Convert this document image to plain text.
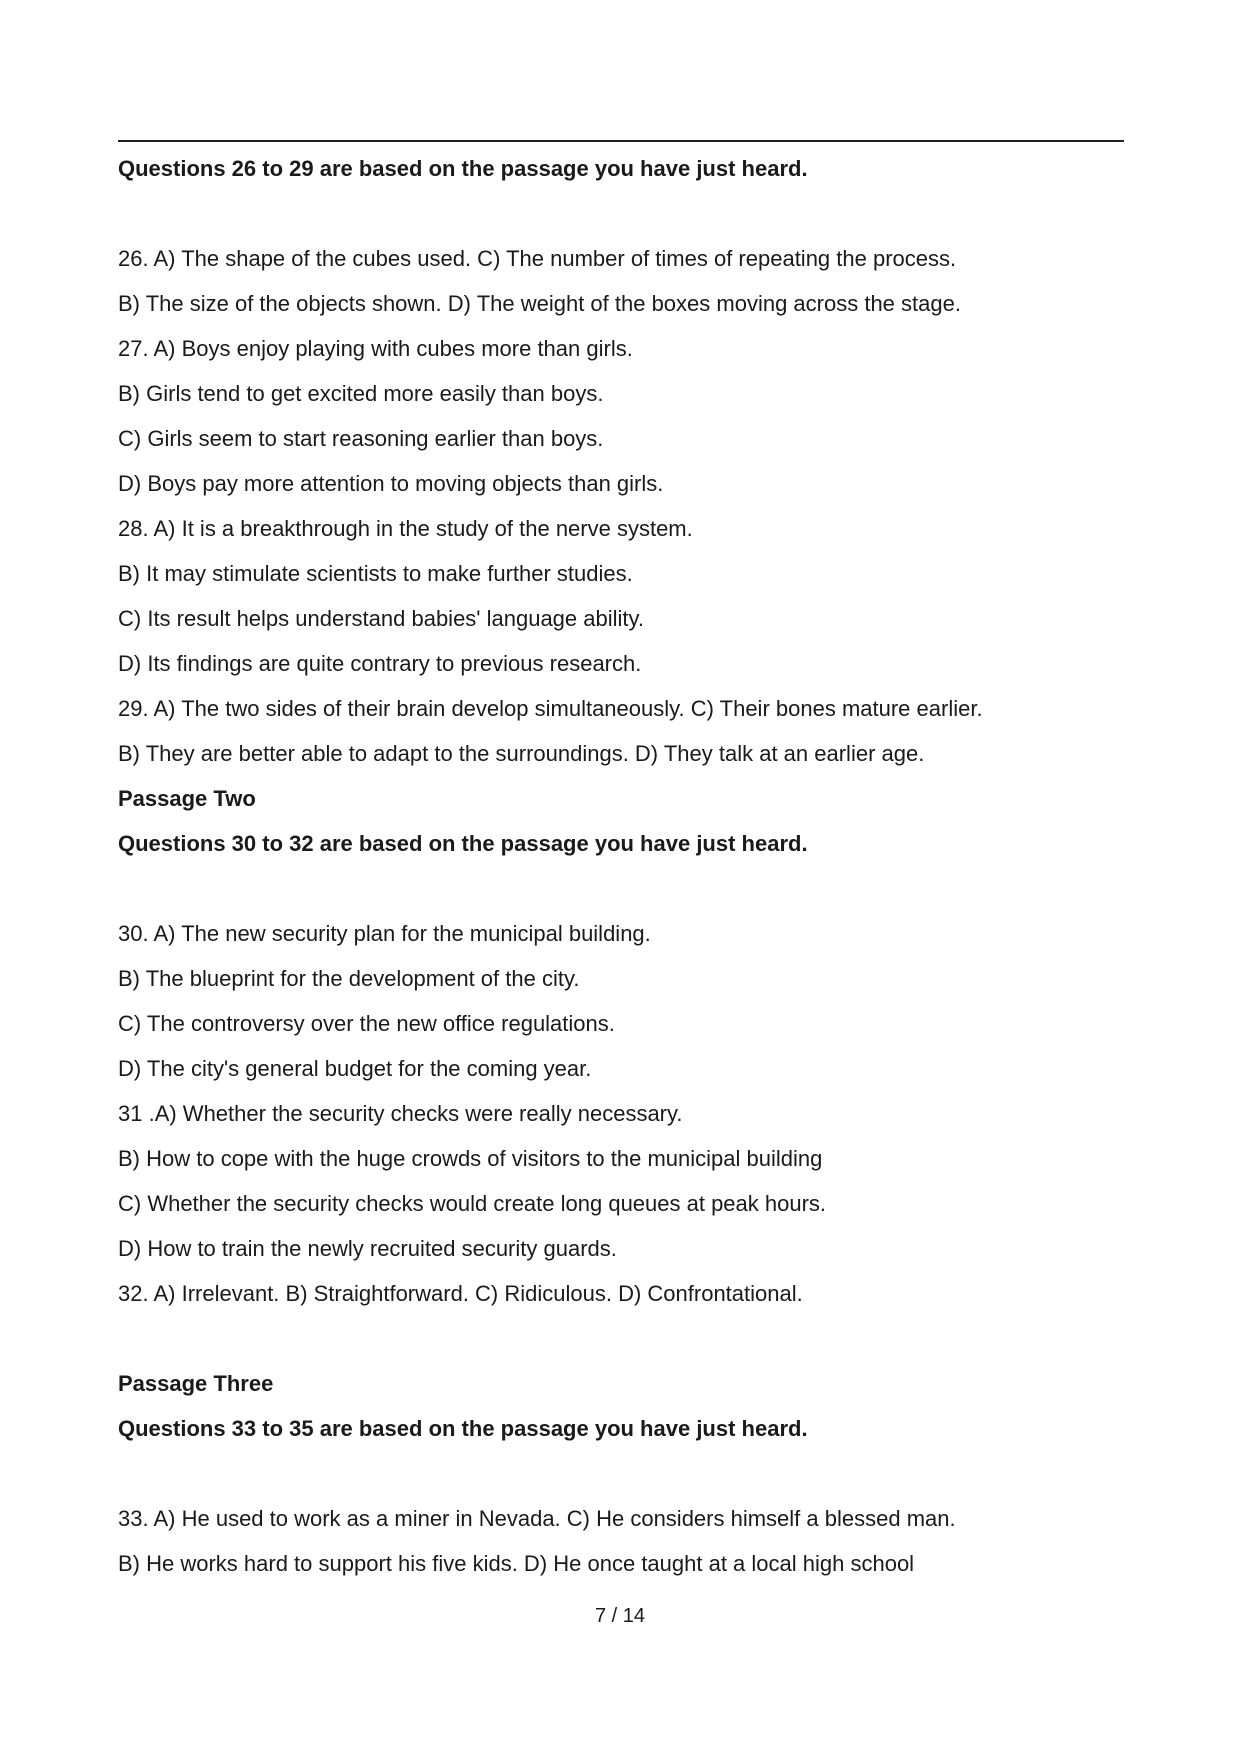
Questions 26 to 29 are based on the passage you have just heard.
26. A) The shape of the cubes used. C) The number of times of repeating the process.
B) The size of the objects shown. D) The weight of the boxes moving across the stage.
27. A) Boys enjoy playing with cubes more than girls.
B) Girls tend to get excited more easily than boys.
C) Girls seem to start reasoning earlier than boys.
D) Boys pay more attention to moving objects than girls.
28. A) It is a breakthrough in the study of the nerve system.
B) It may stimulate scientists to make further studies.
C) Its result helps understand babies' language ability.
D) Its findings are quite contrary to previous research.
29. A) The two sides of their brain develop simultaneously. C) Their bones mature earlier.
B) They are better able to adapt to the surroundings. D) They talk at an earlier age.
Passage Two
Questions 30 to 32 are based on the passage you have just heard.
30. A) The new security plan for the municipal building.
B) The blueprint for the development of the city.
C) The controversy over the new office regulations.
D) The city's general budget for the coming year.
31 .A) Whether the security checks were really necessary.
B) How to cope with the huge crowds of visitors to the municipal building
C) Whether the security checks would create long queues at peak hours.
D) How to train the newly recruited security guards.
32. A) Irrelevant. B) Straightforward. C) Ridiculous. D) Confrontational.
Passage Three
Questions 33 to 35 are based on the passage you have just heard.
33. A) He used to work as a miner in Nevada. C) He considers himself a blessed man.
B) He works hard to support his five kids. D) He once taught at a local high school
7 / 14
